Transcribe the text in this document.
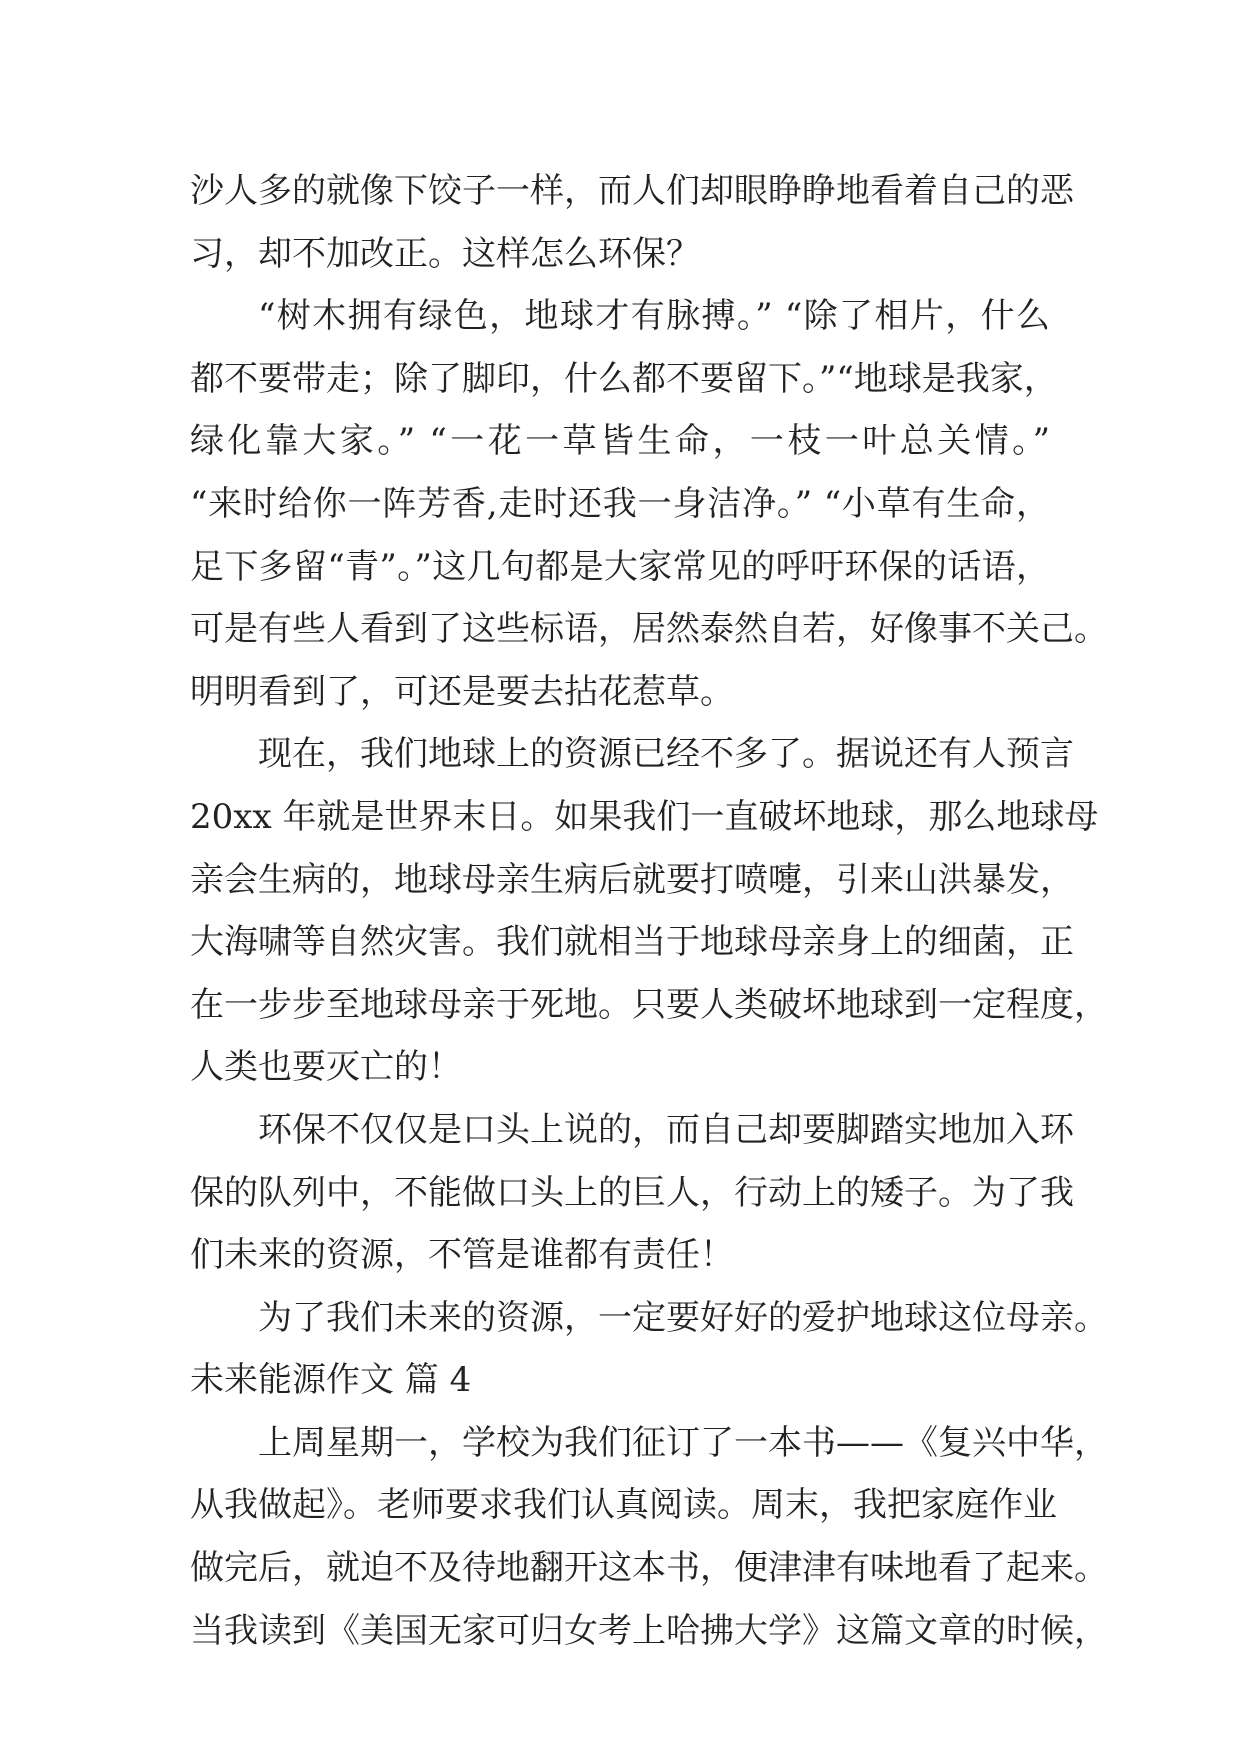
沙人多的就像下饺子一样，而人们却眼睁睁地看着自己的恶
习，却不加改正。这样怎么环保？
“树木拥有绿色，地球才有脉搏。” “除了相片，什么
都不要带走；除了脚印，什么都不要留下。”“地球是我家，
绿化靠大家。” “一花一草皆生命，一枝一叶总关情。”
“来时给你一阵芳香,走时还我一身洁净。” “小草有生命，
足下多留“青”。”这几句都是大家常见的呼吁环保的话语，
可是有些人看到了这些标语，居然泰然自若，好像事不关己。
明明看到了，可还是要去拈花惹草。
现在，我们地球上的资源已经不多了。据说还有人预言
20xx 年就是世界末日。如果我们一直破坏地球，那么地球母
亲会生病的，地球母亲生病后就要打喷嚏，引来山洪暴发，
大海啸等自然灾害。我们就相当于地球母亲身上的细菌，正
在一步步至地球母亲于死地。只要人类破坏地球到一定程度，
人类也要灭亡的！
环保不仅仅是口头上说的，而自己却要脚踏实地加入环
保的队列中，不能做口头上的巨人，行动上的矮子。为了我
们未来的资源，不管是谁都有责任！
为了我们未来的资源，一定要好好的爱护地球这位母亲。
未来能源作文 篇 4
上周星期一，学校为我们征订了一本书——《复兴中华，
从我做起》。老师要求我们认真阅读。周末，我把家庭作业
做完后，就迫不及待地翻开这本书，便津津有味地看了起来。
当我读到《美国无家可归女考上哈拂大学》这篇文章的时候，
